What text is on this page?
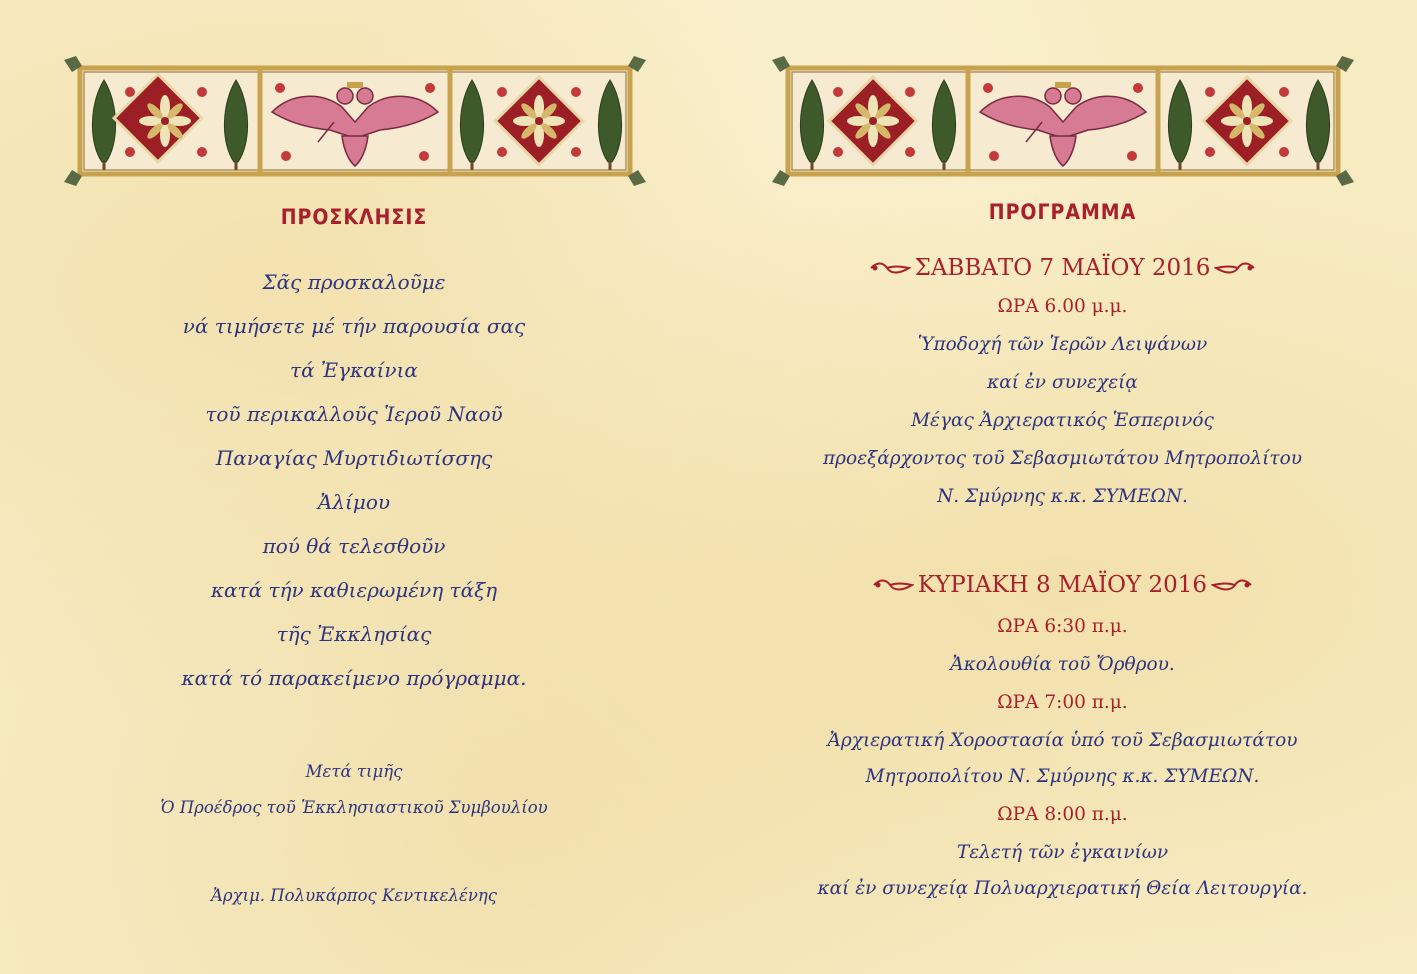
ΠΡΟΣΚΛΗΣΙΣ
Σᾶς προσκαλοῦμε
νά τιμήσετε μέ τήν παρουσία σας
τά Ἐγκαίνια
τοῦ περικαλλοῦς Ἱεροῦ Ναοῦ
Παναγίας Μυρτιδιωτίσσης
Ἀλίμου
πού θά τελεσθοῦν
κατά τήν καθιερωμένη τάξη
τῆς Ἐκκλησίας
κατά τό παρακείμενο πρόγραμμα.
Μετά τιμῆς
Ὁ Προέδρος τοῦ Ἐκκλησιαστικοῦ Συμβουλίου
Ἀρχιμ. Πολυκάρπος Κεντικελένης
ΠΡΟΓΡΑΜΜΑ
ΣΑΒΒΑΤΟ 7 ΜΑΪΟΥ 2016
ΩΡΑ 6.00 μ.μ.
Ὑποδοχή τῶν Ἱερῶν Λειψάνων
καί ἐν συνεχείᾳ
Μέγας Ἀρχιερατικός Ἑσπερινός
προεξάρχοντος τοῦ Σεβασμιωτάτου Μητροπολίτου
Ν. Σμύρνης κ.κ. ΣΥΜΕΩΝ.
ΚΥΡΙΑΚΗ 8 ΜΑΪΟΥ 2016
ΩΡΑ 6:30 π.μ.
Ἀκολουθία τοῦ Ὄρθρου.
ΩΡΑ 7:00 π.μ.
Ἀρχιερατική Χοροστασία ὑπό τοῦ Σεβασμιωτάτου
Μητροπολίτου Ν. Σμύρνης κ.κ. ΣΥΜΕΩΝ.
ΩΡΑ 8:00 π.μ.
Τελετή τῶν ἐγκαινίων
καί ἐν συνεχείᾳ Πολυαρχιερατική Θεία Λειτουργία.
